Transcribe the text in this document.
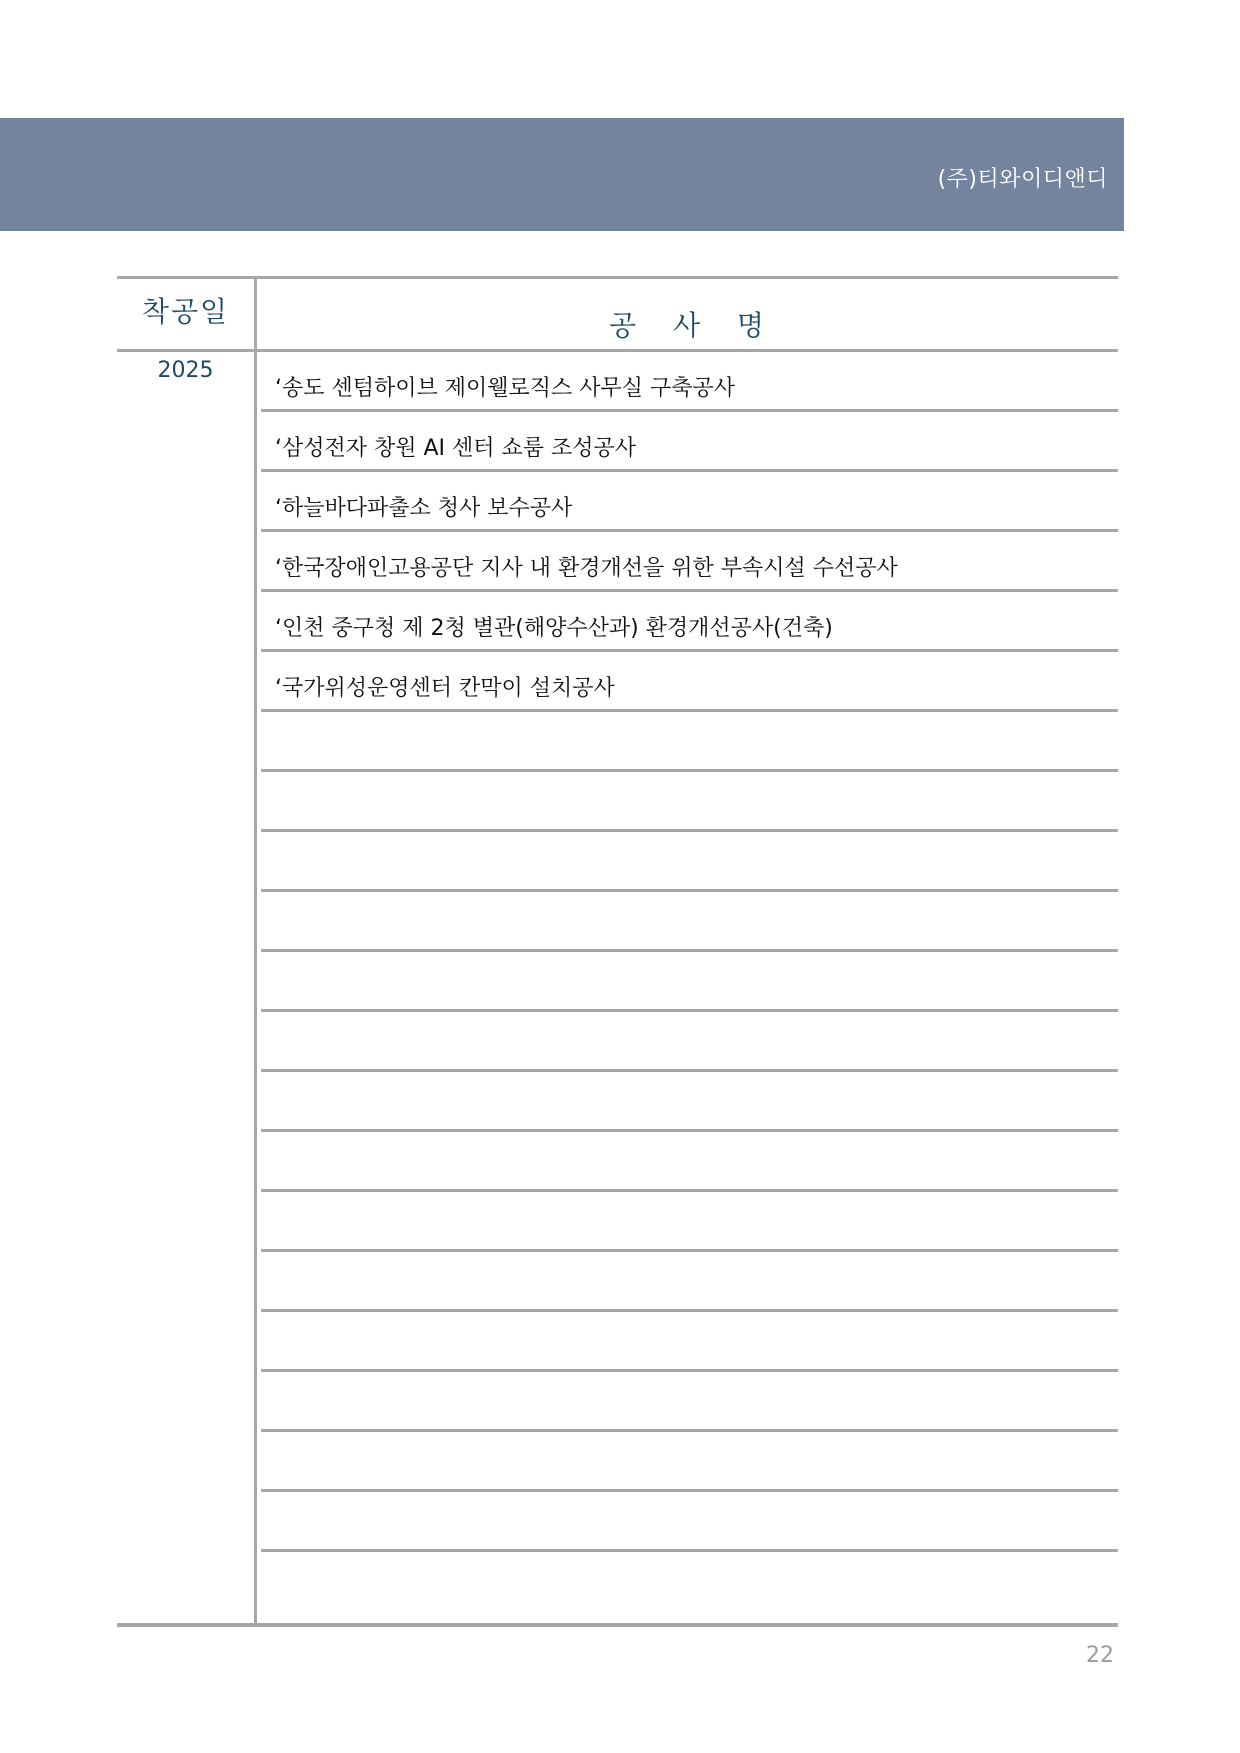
(주)티와이디앤디
착공일	공 사 명
2025
‘송도 센텀하이브 제이웰로직스 사무실 구축공사
‘삼성전자 창원 AI 센터 쇼룸 조성공사
‘하늘바다파출소 청사 보수공사
‘한국장애인고용공단 지사 내 환경개선을 위한 부속시설 수선공사
‘인천 중구청 제 2청 별관(해양수산과) 환경개선공사(건축)
‘국가위성운영센터 칸막이 설치공사
22
